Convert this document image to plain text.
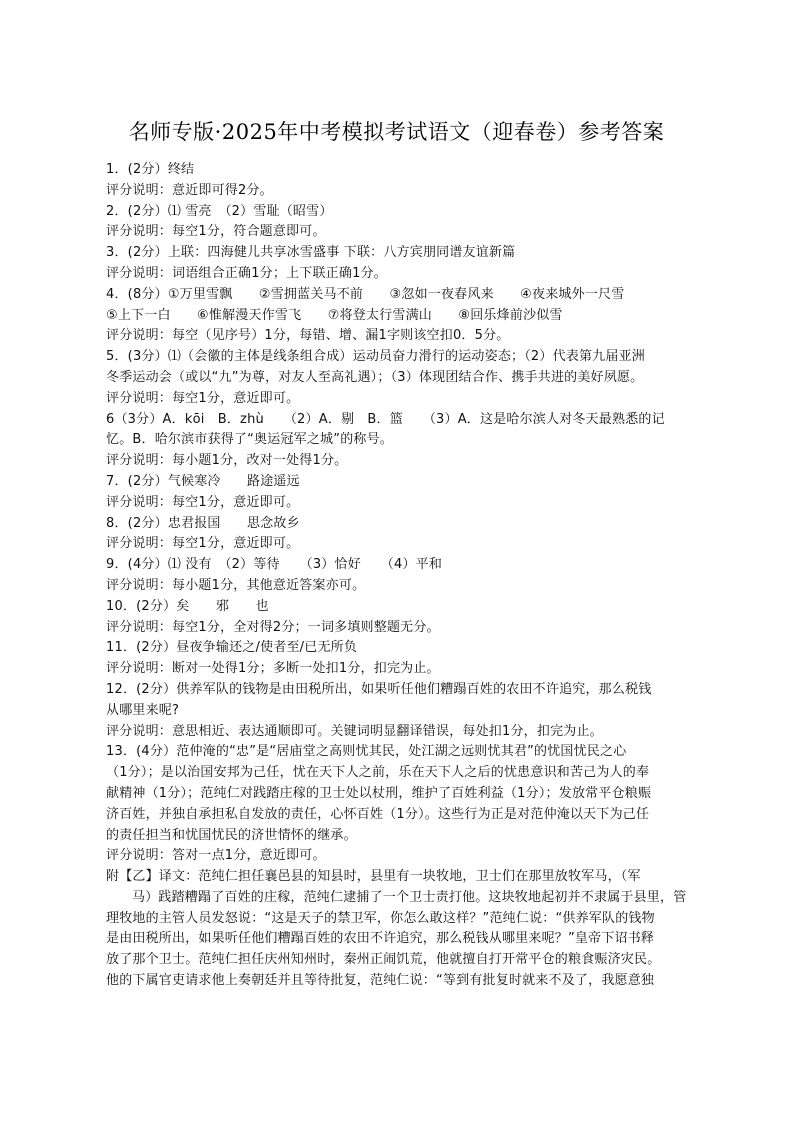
名师专版·2025年中考模拟考试语文（迎春卷）参考答案
1．(2分）终结
评分说明：意近即可得2分。
2．(2分）⑴ 雪亮　（2）雪耻（昭雪）
评分说明：每空1分，符合题意即可。
3．(2分）上联：四海健儿共享冰雪盛事 下联：八方宾朋同谱友谊新篇
评分说明：词语组合正确1分；上下联正确1分。
4．(8分）①万里雪飘　　②雪拥蓝关马不前　　③忽如一夜春风来　　④夜来城外一尺雪
⑤上下一白　　⑥惟解漫天作雪飞　　⑦将登太行雪满山　　⑧回乐烽前沙似雪
评分说明：每空（见序号）1分，每错、增、漏1字则该空扣0．5分。
5．(3分）⑴（会徽的主体是线条组合成）运动员奋力滑行的运动姿态；（2）代表第九届亚洲
冬季运动会（或以“九”为尊，对友人至高礼遇）；（3）体现团结合作、携手共进的美好夙愿。
评分说明：每空1分，意近即可。
6（3分）A．kōi　B．zhù　　（2）A．剔　B．篮　　（3）A．这是哈尔滨人对冬天最熟悉的记
忆。B．哈尔滨市获得了“奥运冠军之城”的称号。
评分说明：每小题1分，改对一处得1分。
7．(2分）气候寒冷　　路途遥远
评分说明：每空1分，意近即可。
8．(2分）忠君报国　　思念故乡
评分说明：每空1分，意近即可。
9．(4分）⑴ 没有　（2）等待　　（3）恰好　　（4）平和
评分说明：每小题1分，其他意近答案亦可。
10．(2分）矣　　邪　　也
评分说明：每空1分，全对得2分；一词多填则整题无分。
11．(2分）昼夜争输还之/使者至/已无所负
评分说明：断对一处得1分；多断一处扣1分，扣完为止。
12．(2分）供养军队的钱物是由田税所出，如果听任他们糟蹋百姓的农田不许追究，那么税钱
从哪里来呢?
评分说明：意思相近、表达通顺即可。关键词明显翻译错误，每处扣1分，扣完为止。
13．(4分）范仲淹的“忠”是“居庙堂之高则忧其民，处江湖之远则忧其君”的忧国忧民之心
（1分）；是以治国安邦为己任，忧在天下人之前，乐在天下人之后的忧患意识和苦己为人的奉
献精神（1分）；范纯仁对践踏庄稼的卫士处以杖刑，维护了百姓利益（1分）；发放常平仓粮赈
济百姓，并独自承担私自发放的责任，心怀百姓（1分）。这些行为正是对范仲淹以天下为己任
的责任担当和忧国忧民的济世情怀的继承。
评分说明：答对一点1分，意近即可。
附【乙】译文：范纯仁担任襄邑县的知县时，县里有一块牧地，卫士们在那里放牧军马，（军
马）践踏糟蹋了百姓的庄稼，范纯仁逮捕了一个卫士责打他。这块牧地起初并不隶属于县里，管
理牧地的主管人员发怒说：“这是天子的禁卫军，你怎么敢这样？”范纯仁说：“供养军队的钱物
是由田税所出，如果听任他们糟蹋百姓的农田不许追究，那么税钱从哪里来呢？”皇帝下诏书释
放了那个卫士。范纯仁担任庆州知州时，秦州正闹饥荒，他就擅自打开常平仓的粮食赈济灾民。
他的下属官吏请求他上奏朝廷并且等待批复，范纯仁说：“等到有批复时就来不及了，我愿意独
